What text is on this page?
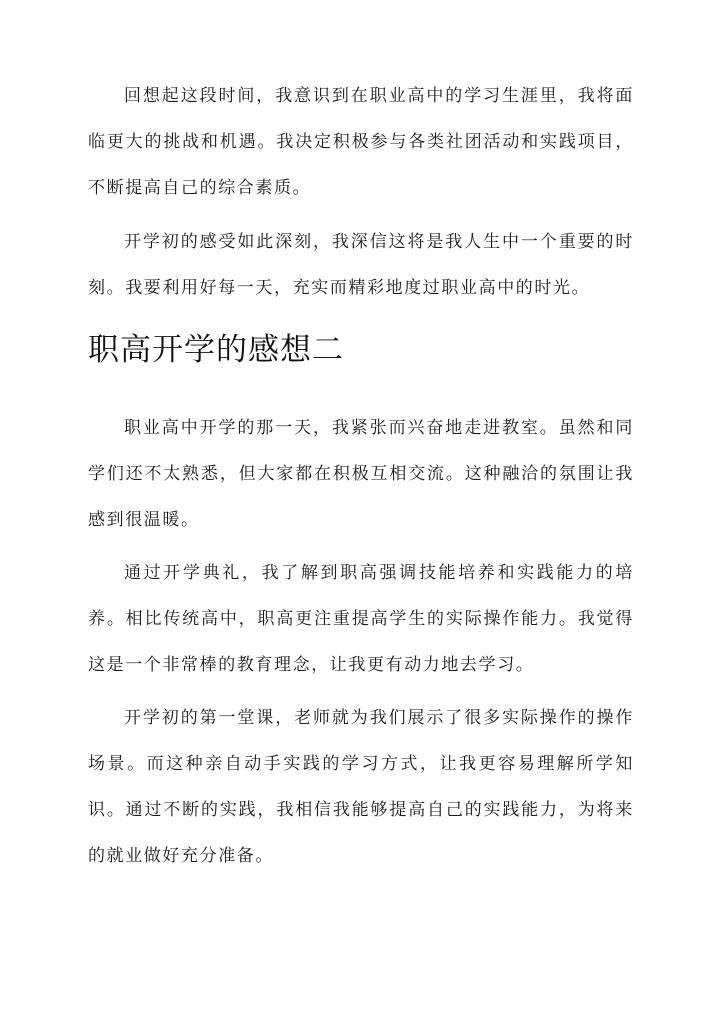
回想起这段时间，我意识到在职业高中的学习生涯里，我将面临更大的挑战和机遇。我决定积极参与各类社团活动和实践项目，不断提高自己的综合素质。

开学初的感受如此深刻，我深信这将是我人生中一个重要的时刻。我要利用好每一天，充实而精彩地度过职业高中的时光。

职高开学的感想二

职业高中开学的那一天，我紧张而兴奋地走进教室。虽然和同学们还不太熟悉，但大家都在积极互相交流。这种融洽的氛围让我感到很温暖。

通过开学典礼，我了解到职高强调技能培养和实践能力的培养。相比传统高中，职高更注重提高学生的实际操作能力。我觉得这是一个非常棒的教育理念，让我更有动力地去学习。

开学初的第一堂课，老师就为我们展示了很多实际操作的操作场景。而这种亲自动手实践的学习方式，让我更容易理解所学知识。通过不断的实践，我相信我能够提高自己的实践能力，为将来的就业做好充分准备。
